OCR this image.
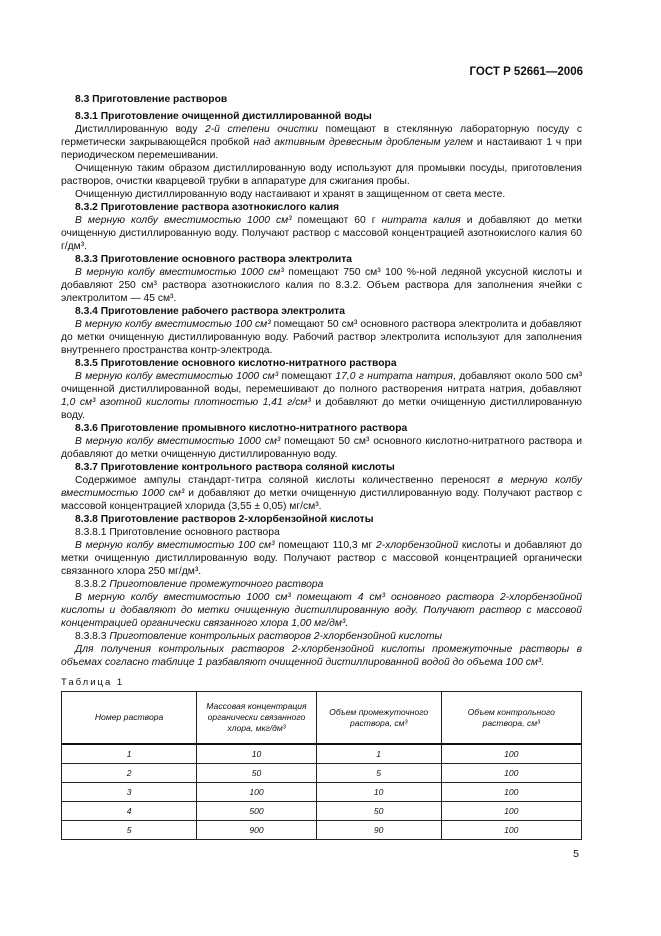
ГОСТ Р 52661—2006

8.3 Приготовление растворов

8.3.1 Приготовление очищенной дистиллированной воды

Дистиллированную воду 2-й степени очистки помещают в стеклянную лабораторную посуду с герметически закрывающейся пробкой над активным древесным дробленым углем и настаивают 1 ч при периодическом перемешивании.

Очищенную таким образом дистиллированную воду используют для промывки посуды, приготовления растворов, очистки кварцевой трубки в аппаратуре для сжигания пробы.

Очищенную дистиллированную воду настаивают и хранят в защищенном от света месте.

8.3.2 Приготовление раствора азотнокислого калия

В мерную колбу вместимостью 1000 см³ помещают 60 г нитрата калия и добавляют до метки очищенную дистиллированную воду. Получают раствор с массовой концентрацией азотнокислого калия 60 г/дм³.

8.3.3 Приготовление основного раствора электролита

В мерную колбу вместимостью 1000 см³ помещают 750 см³ 100 %-ной ледяной уксусной кислоты и добавляют 250 см³ раствора азотнокислого калия по 8.3.2. Объем раствора для заполнения ячейки с электролитом — 45 см³.

8.3.4 Приготовление рабочего раствора электролита

В мерную колбу вместимостью 100 см³ помещают 50 см³ основного раствора электролита и добавляют до метки очищенную дистиллированную воду. Рабочий раствор электролита используют для заполнения внутреннего пространства контр-электрода.

8.3.5 Приготовление основного кислотно-нитратного раствора

В мерную колбу вместимостью 1000 см³ помещают 17,0 г нитрата натрия, добавляют около 500 см³ очищенной дистиллированной воды, перемешивают до полного растворения нитрата натрия, добавляют 1,0 см³ азотной кислоты плотностью 1,41 г/см³ и добавляют до метки очищенную дистиллированную воду.

8.3.6 Приготовление промывного кислотно-нитратного раствора

В мерную колбу вместимостью 1000 см³ помещают 50 см³ основного кислотно-нитратного раствора и добавляют до метки очищенную дистиллированную воду.

8.3.7 Приготовление контрольного раствора соляной кислоты

Содержимое ампулы стандарт-титра соляной кислоты количественно переносят в мерную колбу вместимостью 1000 см³ и добавляют до метки очищенную дистиллированную воду. Получают раствор с массовой концентрацией хлорида (3,55 ± 0,05) мг/см³.

8.3.8 Приготовление растворов 2-хлорбензойной кислоты

8.3.8.1 Приготовление основного раствора

В мерную колбу вместимостью 100 см³ помещают 110,3 мг 2-хлорбензойной кислоты и добавляют до метки очищенную дистиллированную воду. Получают раствор с массовой концентрацией органически связанного хлора 250 мг/дм³.

8.3.8.2 Приготовление промежуточного раствора

В мерную колбу вместимостью 1000 см³ помещают 4 см³ основного раствора 2-хлорбензойной кислоты и добавляют до метки очищенную дистиллированную воду. Получают раствор с массовой концентрацией органически связанного хлора 1,00 мг/дм³.

8.3.8.3 Приготовление контрольных растворов 2-хлорбензойной кислоты

Для получения контрольных растворов 2-хлорбензойной кислоты промежуточные растворы в объемах согласно таблице 1 разбавляют очищенной дистиллированной водой до объема 100 см³.

Таблица 1
Номер раствора	Массовая концентрация органически связанного хлора, мкг/дм³	Объем промежуточного раствора, см³	Объем контрольного раствора, см³
1	10	1	100
2	50	5	100
3	100	10	100
4	500	50	100
5	900	90	100
5
